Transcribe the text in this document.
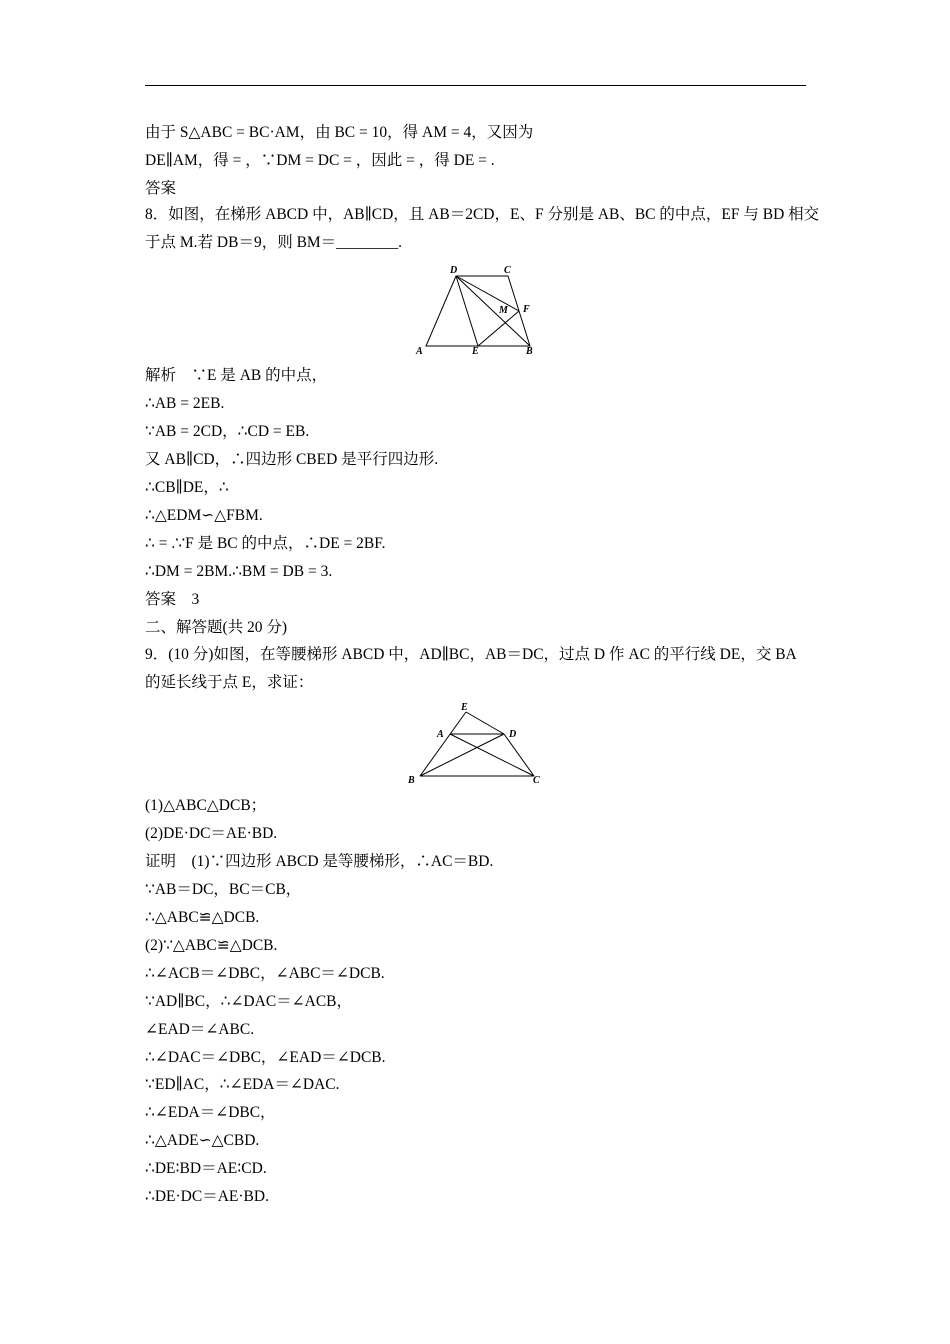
由于 S△ABC = BC·AM，由 BC = 10，得 AM = 4，又因为
DE∥AM，得 = ，∵DM = DC = ，因此 = ，得 DE = .
答案
8．如图，在梯形 ABCD 中，AB∥CD，且 AB＝2CD，E、F 分别是 AB、BC 的中点，EF 与 BD 相交
于点 M.若 DB＝9，则 BM＝________.
D	C
M F
A	E	B
解析　∵E 是 AB 的中点，
∴AB = 2EB.
∵AB = 2CD，∴CD = EB.
又 AB∥CD，∴四边形 CBED 是平行四边形.
∴CB∥DE，∴
∴△EDM∽△FBM.
∴ = .∵F 是 BC 的中点，∴DE = 2BF.
∴DM = 2BM.∴BM = DB = 3.
答案　3
二、解答题(共 20 分)
9．(10 分)如图，在等腰梯形 ABCD 中，AD∥BC，AB＝DC，过点 D 作 AC 的平行线 DE，交 BA
的延长线于点 E，求证：
E
A	D
B	C
(1)△ABC△DCB；
(2)DE·DC＝AE·BD.
证明　(1)∵四边形 ABCD 是等腰梯形，∴AC＝BD.
∵AB＝DC，BC＝CB，
∴△ABC≌△DCB.
(2)∵△ABC≌△DCB.
∴∠ACB＝∠DBC，∠ABC＝∠DCB.
∵AD∥BC，∴∠DAC＝∠ACB，
∠EAD＝∠ABC.
∴∠DAC＝∠DBC，∠EAD＝∠DCB.
∵ED∥AC，∴∠EDA＝∠DAC.
∴∠EDA＝∠DBC，
∴△ADE∽△CBD.
∴DE∶BD＝AE∶CD.
∴DE·DC＝AE·BD.
